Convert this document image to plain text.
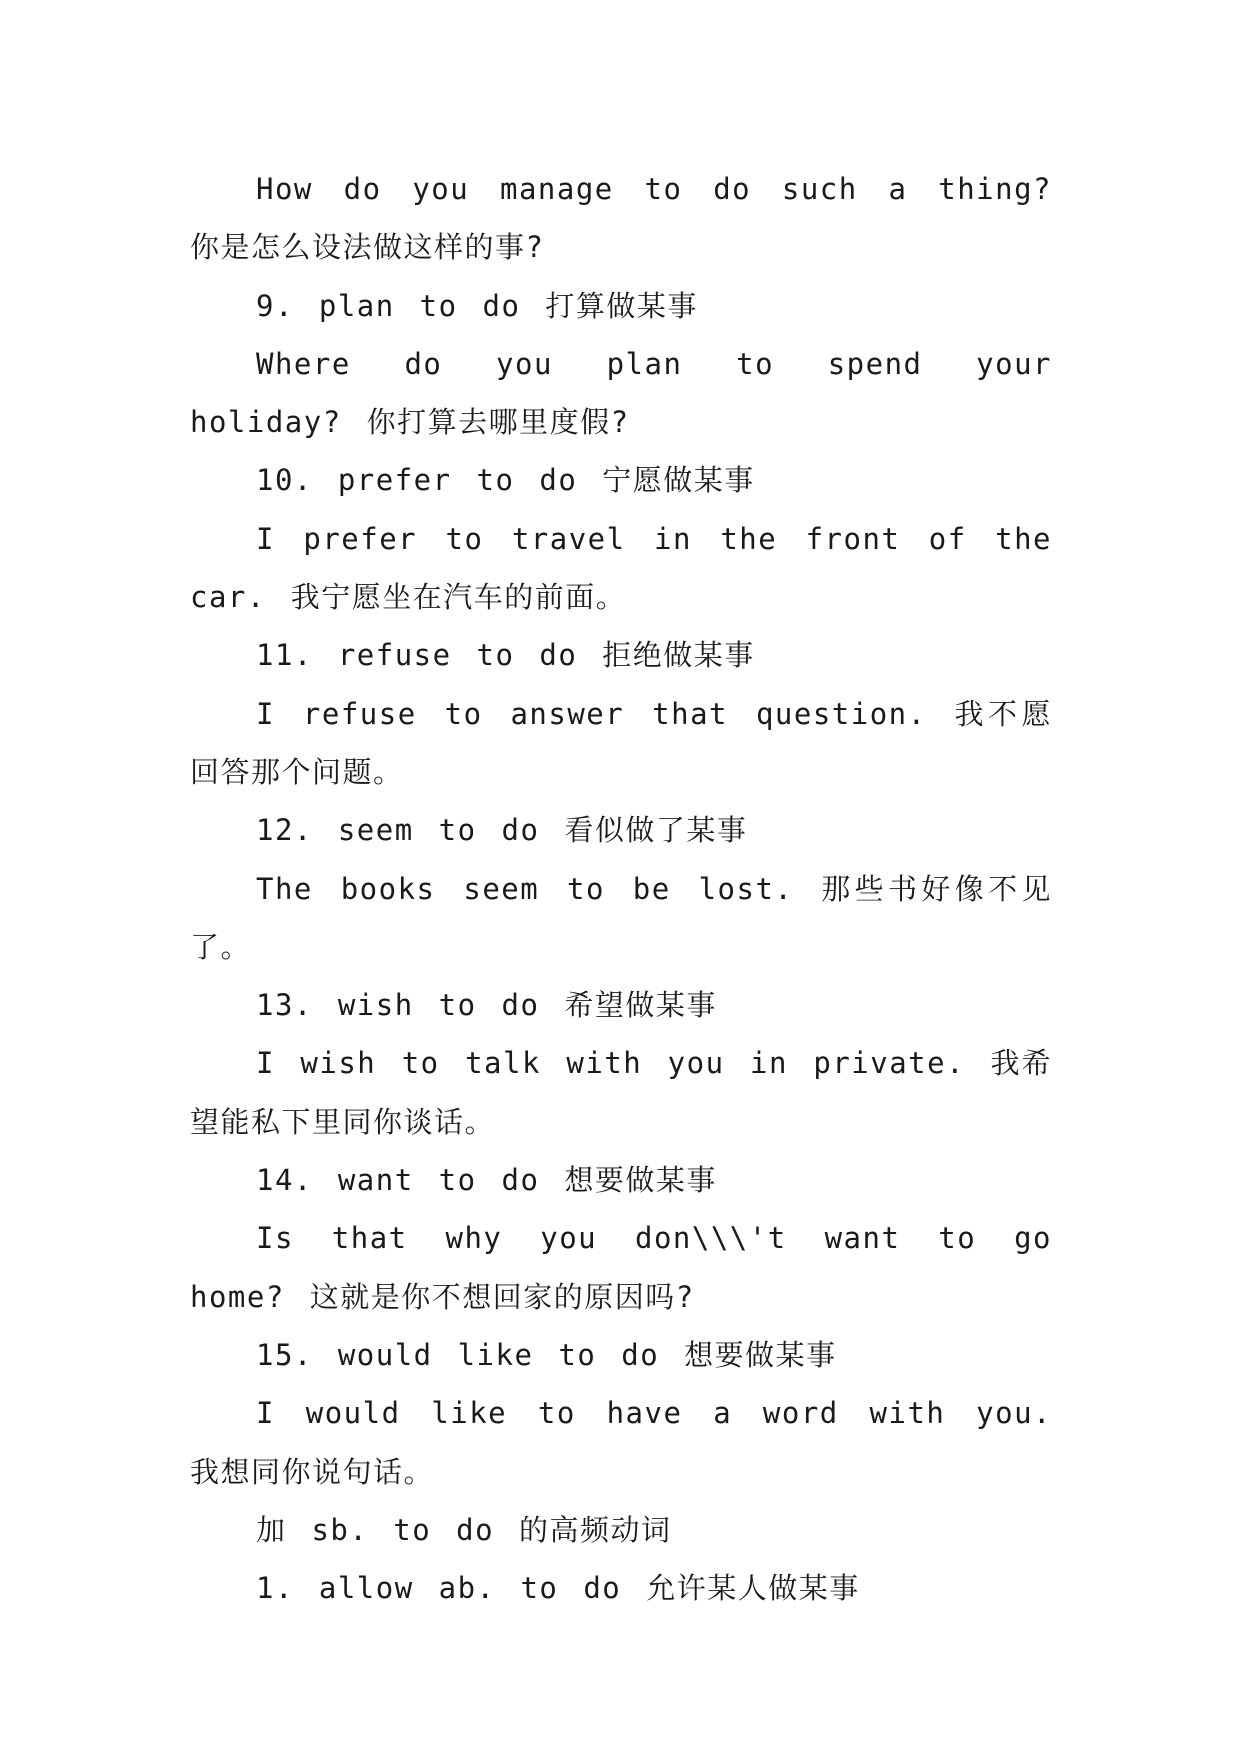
How do you manage to do such a thing? 你是怎么设法做这样的事?

9. plan to do 打算做某事

Where do you plan to spend your holiday? 你打算去哪里度假?

10. prefer to do 宁愿做某事

I prefer to travel in the front of the car. 我宁愿坐在汽车的前面。

11. refuse to do 拒绝做某事

I refuse to answer that question. 我不愿回答那个问题。

12. seem to do 看似做了某事

The books seem to be lost. 那些书好像不见了。

13. wish to do 希望做某事

I wish to talk with you in private. 我希望能私下里同你谈话。

14. want to do 想要做某事

Is that why you don\\\'t want to go home? 这就是你不想回家的原因吗?

15. would like to do 想要做某事

I would like to have a word with you. 我想同你说句话。

加 sb. to do 的高频动词

1. allow ab. to do 允许某人做某事
